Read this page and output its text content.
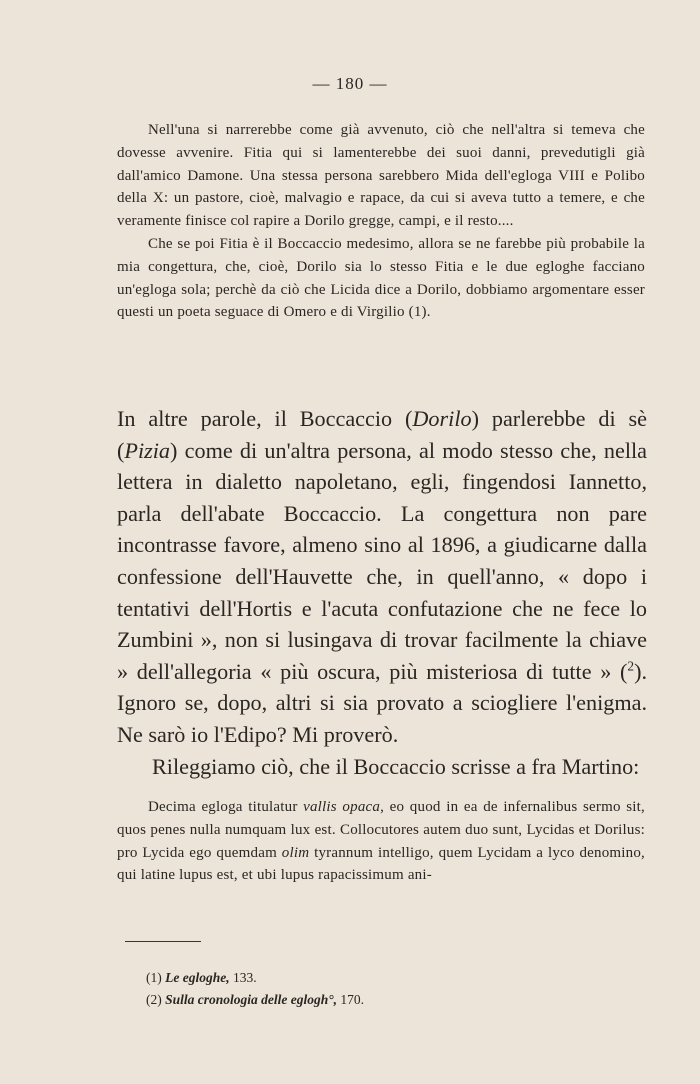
— 180 —

Nell'una si narrerebbe come già avvenuto, ciò che nell'altra si temeva che dovesse avvenire. Fitia qui si lamenterebbe dei suoi danni, prevedutigli già dall'amico Damone. Una stessa persona sarebbero Mida dell'egloga VIII e Polibo della X: un pastore, cioè, malvagio e rapace, da cui si aveva tutto a temere, e che veramente finisce col rapire a Dorilo gregge, campi, e il resto....

Che se poi Fitia è il Boccaccio medesimo, allora se ne farebbe più probabile la mia congettura, che, cioè, Dorilo sia lo stesso Fitia e le due egloghe facciano un'egloga sola; perchè da ciò che Licida dice a Dorilo, dobbiamo argomentare esser questi un poeta seguace di Omero e di Virgilio (1).

In altre parole, il Boccaccio (Dorilo) parlerebbe di sè (Pizia) come di un'altra persona, al modo stesso che, nella lettera in dialetto napoletano, egli, fingendosi Iannetto, parla dell'abate Boccaccio. La congettura non pare incontrasse favore, almeno sino al 1896, a giudicarne dalla confessione dell'Hauvette che, in quell'anno, « dopo i tentativi dell'Hortis e l'acuta confutazione che ne fece lo Zumbini », non si lusingava di trovar facilmente la chiave » dell'allegoria « più oscura, più misteriosa di tutte » ($^2$). Ignoro se, dopo, altri si sia provato a sciogliere l'enigma. Ne sarò io l'Edipo? Mi proverò.

Rileggiamo ciò, che il Boccaccio scrisse a fra Martino:

Decima egloga titulatur vallis opaca, eo quod in ea de infernalibus sermo sit, quos penes nulla numquam lux est. Collocutores autem duo sunt, Lycidas et Dorilus: pro Lycida ego quemdam olim tyrannum intelligo, quem Lycidam a lyco denomino, qui latine lupus est, et ubi lupus rapacissimum ani-

(1) Le egloghe, 133.
(2) Sulla cronologia delle eglogh°, 170.
